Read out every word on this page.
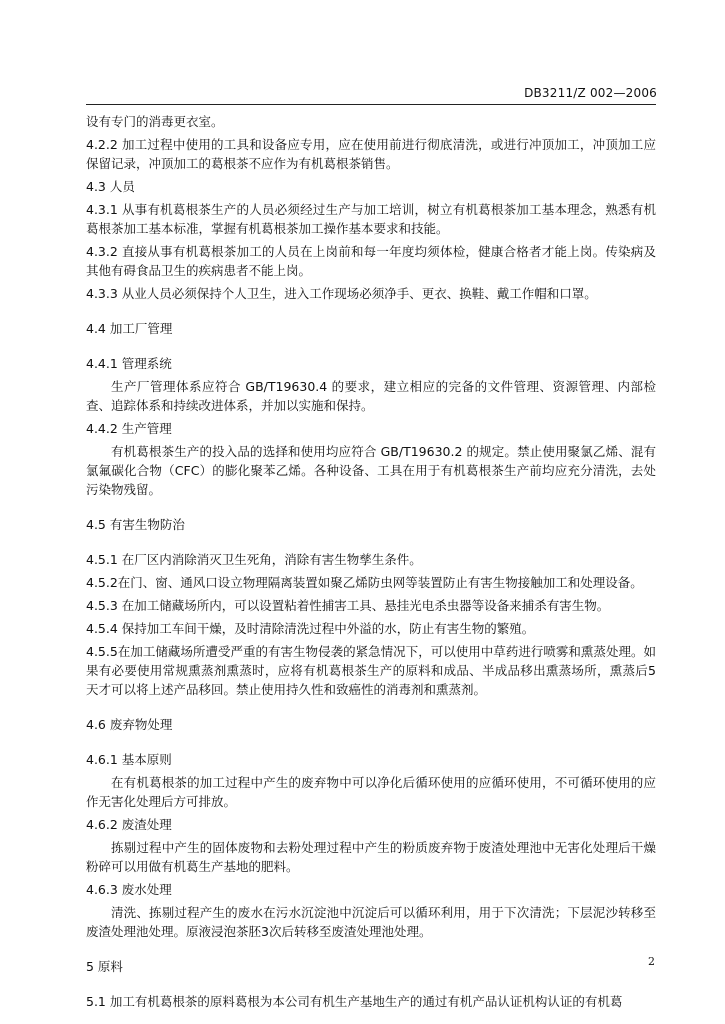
DB3211/Z 002—2006

设有专门的消毒更衣室。

4.2.2 加工过程中使用的工具和设备应专用，应在使用前进行彻底清洗，或进行冲顶加工，冲顶加工应保留记录，冲顶加工的葛根茶不应作为有机葛根茶销售。

4.3 人员

4.3.1 从事有机葛根茶生产的人员必须经过生产与加工培训，树立有机葛根茶加工基本理念，熟悉有机葛根茶加工基本标准，掌握有机葛根茶加工操作基本要求和技能。

4.3.2 直接从事有机葛根茶加工的人员在上岗前和每一年度均须体检，健康合格者才能上岗。传染病及其他有碍食品卫生的疾病患者不能上岗。

4.3.3 从业人员必须保持个人卫生，进入工作现场必须净手、更衣、换鞋、戴工作帽和口罩。

4.4 加工厂管理

4.4.1 管理系统

生产厂管理体系应符合 GB/T19630.4 的要求，建立相应的完备的文件管理、资源管理、内部检查、追踪体系和持续改进体系，并加以实施和保持。

4.4.2 生产管理

有机葛根茶生产的投入品的选择和使用均应符合 GB/T19630.2 的规定。禁止使用聚氯乙烯、混有氯氟碳化合物（CFC）的膨化聚苯乙烯。各种设备、工具在用于有机葛根茶生产前均应充分清洗，去处污染物残留。

4.5 有害生物防治

4.5.1 在厂区内消除消灭卫生死角，消除有害生物孳生条件。

4.5.2在门、窗、通风口设立物理隔离装置如聚乙烯防虫网等装置防止有害生物接触加工和处理设备。

4.5.3 在加工储藏场所内，可以设置粘着性捕害工具、悬挂光电杀虫器等设备来捕杀有害生物。

4.5.4 保持加工车间干燥，及时清除清洗过程中外溢的水，防止有害生物的繁殖。

4.5.5在加工储藏场所遭受严重的有害生物侵袭的紧急情况下，可以使用中草药进行喷雾和熏蒸处理。如果有必要使用常规熏蒸剂熏蒸时，应将有机葛根茶生产的原料和成品、半成品移出熏蒸场所，熏蒸后5天才可以将上述产品移回。禁止使用持久性和致癌性的消毒剂和熏蒸剂。

4.6 废弃物处理

4.6.1 基本原则

在有机葛根茶的加工过程中产生的废弃物中可以净化后循环使用的应循环使用，不可循环使用的应作无害化处理后方可排放。

4.6.2 废渣处理

拣剔过程中产生的固体废物和去粉处理过程中产生的粉质废弃物于废渣处理池中无害化处理后干燥粉碎可以用做有机葛生产基地的肥料。

4.6.3 废水处理

清洗、拣剔过程产生的废水在污水沉淀池中沉淀后可以循环利用，用于下次清洗；下层泥沙转移至废渣处理池处理。原液浸泡茶胚3次后转移至废渣处理池处理。

5 原料

5.1 加工有机葛根茶的原料葛根为本公司有机生产基地生产的通过有机产品认证机构认证的有机葛

2
